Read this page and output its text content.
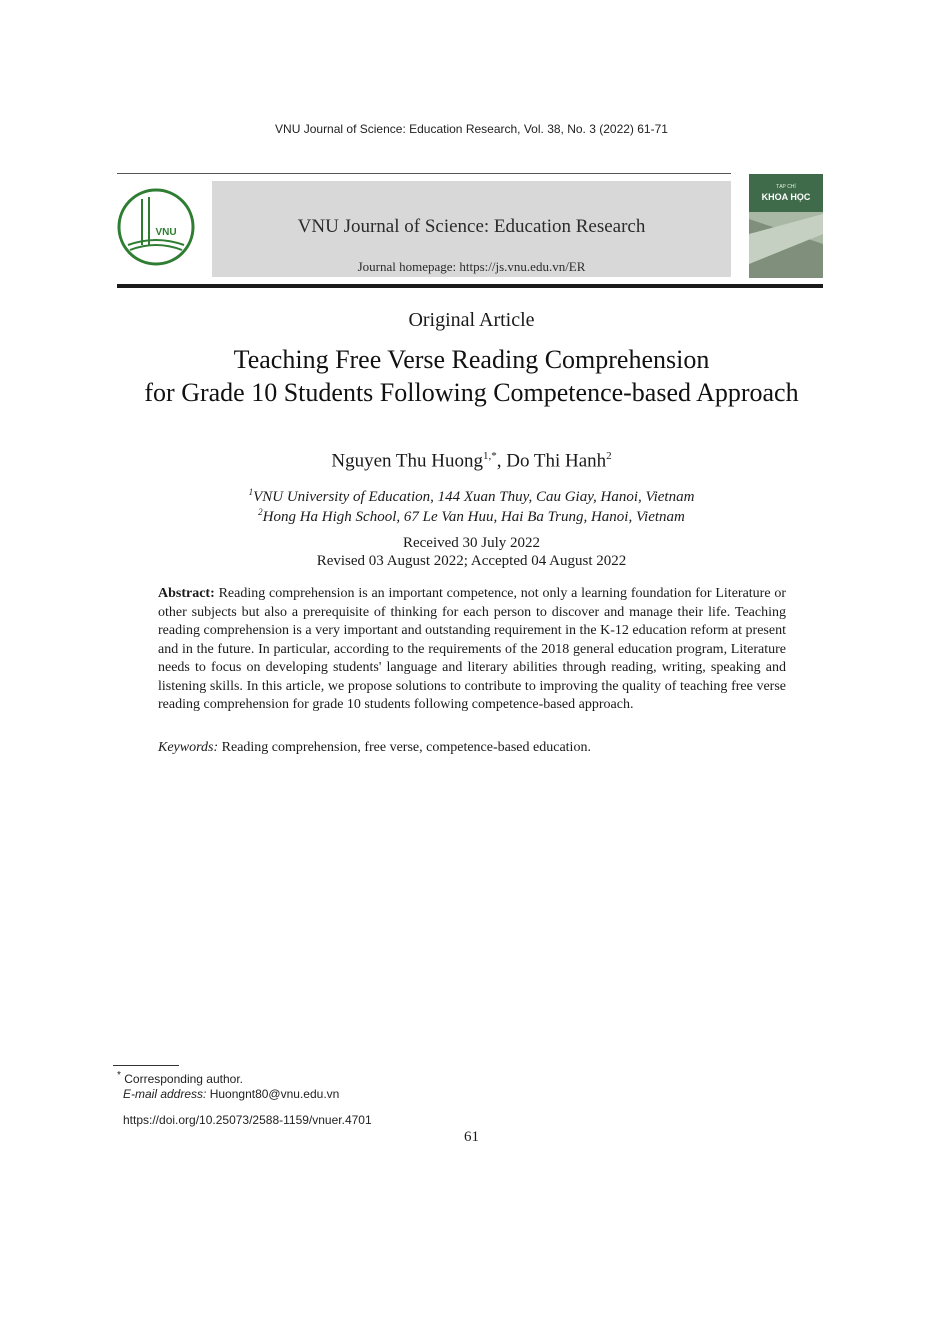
VNU Journal of Science: Education Research, Vol. 38, No. 3 (2022) 61-71
VNU	VNU Journal of Science: Education Research
Journal homepage: https://js.vnu.edu.vn/ER
TẠP CHÍ
KHOA HỌC
Original Article
Teaching Free Verse Reading Comprehension
for Grade 10 Students Following Competence-based Approach
Nguyen Thu Huong$^{1,*}$, Do Thi Hanh$^2$
$^1$VNU University of Education, 144 Xuan Thuy, Cau Giay, Hanoi, Vietnam
$^2$Hong Ha High School, 67 Le Van Huu, Hai Ba Trung, Hanoi, Vietnam
Received 30 July 2022
Revised 03 August 2022; Accepted 04 August 2022
Abstract: Reading comprehension is an important competence, not only a learning foundation for Literature or other subjects but also a prerequisite of thinking for each person to discover and manage their life. Teaching reading comprehension is a very important and outstanding requirement in the K-12 education reform at present and in the future. In particular, according to the requirements of the 2018 general education program, Literature needs to focus on developing students' language and literary abilities through reading, writing, speaking and listening skills. In this article, we propose solutions to contribute to improving the quality of teaching free verse reading comprehension for grade 10 students following competence-based approach.
Keywords: Reading comprehension, free verse, competence-based education.
* Corresponding author.
E-mail address: Huongnt80@vnu.edu.vn
https://doi.org/10.25073/2588-1159/vnuer.4701
61
